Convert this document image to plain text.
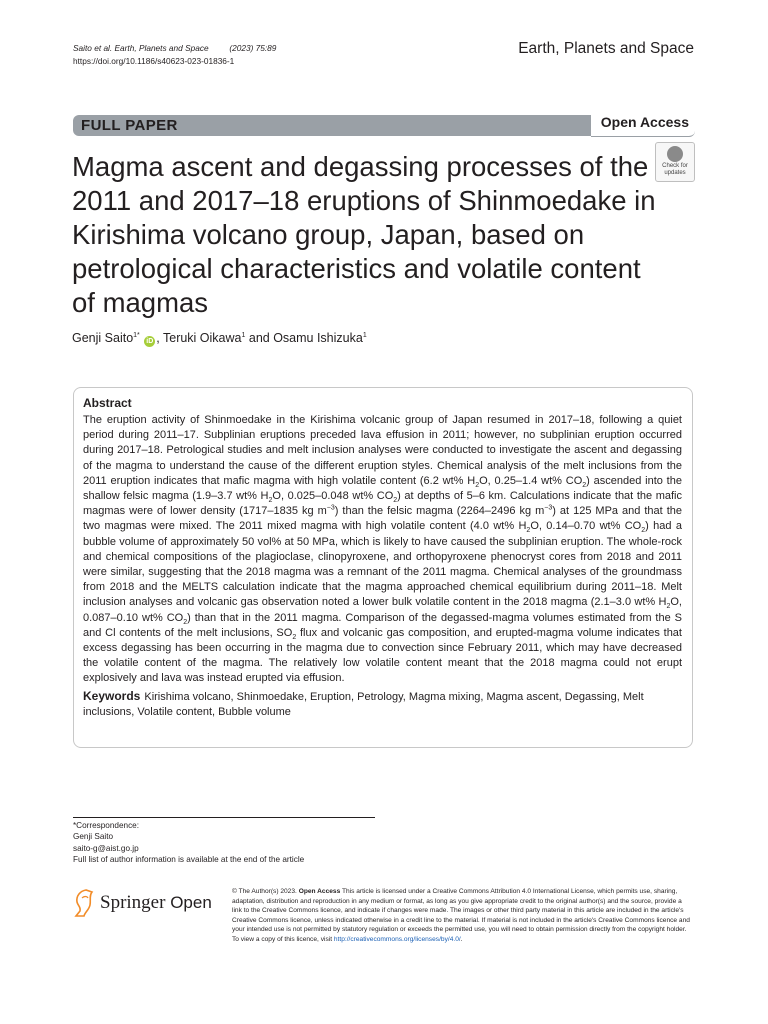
Saito et al. Earth, Planets and Space	(2023) 75:89
https://doi.org/10.1186/s40623-023-01836-1
Earth, Planets and Space
FULL PAPER	Open Access
Magma ascent and degassing processes of the 2011 and 2017–18 eruptions of Shinmoedake in Kirishima volcano group, Japan, based on petrological characteristics and volatile content of magmas
Check for
updates
Genji Saito$^{1*}$ iD , Teruki Oikawa$^1$ and Osamu Ishizuka$^1$
Abstract

The eruption activity of Shinmoedake in the Kirishima volcanic group of Japan resumed in 2017–18, following a quiet period during 2011–17. Subplinian eruptions preceded lava effusion in 2011; however, no subplinian eruption occurred during 2017–18. Petrological studies and melt inclusion analyses were conducted to investigate the ascent and degassing of the magma to understand the cause of the different eruption styles. Chemical analysis of the melt inclusions from the 2011 eruption indicates that mafic magma with high volatile content (6.2 wt% $H_2O$, 0.25–1.4 wt% $CO_2$) ascended into the shallow felsic magma (1.9–3.7 wt% $H_2O$, 0.025–0.048 wt% $CO_2$) at depths of 5–6 km. Calculations indicate that the mafic magmas were of lower density (1717–1835 kg $m^{-3}$) than the felsic magma (2264–2496 kg $m^{-3}$) at 125 MPa and that the two magmas were mixed. The 2011 mixed magma with high volatile content (4.0 wt% $H_2O$, 0.14–0.70 wt% $CO_2$) had a bubble volume of approximately 50 vol% at 50 MPa, which is likely to have caused the subplinian eruption. The whole-rock and chemical compositions of the plagioclase, clinopyroxene, and orthopyroxene phenocryst cores from 2018 and 2011 were similar, suggesting that the 2018 magma was a remnant of the 2011 magma. Chemical analyses of the groundmass from 2018 and the MELTS calculation indicate that the magma approached chemical equilibrium during 2011–18. Melt inclusion analyses and volcanic gas observation noted a lower bulk volatile content in the 2018 magma (2.1–3.0 wt% $H_2O$, 0.087–0.10 wt% $CO_2$) than that in the 2011 magma. Comparison of the degassed-magma volumes estimated from the S and Cl contents of the melt inclusions, $SO_2$ flux and volcanic gas composition, and erupted-magma volume indicates that excess degassing has been occurring in the magma due to convection since February 2011, which may have decreased the volatile content of the magma. The relatively low volatile content meant that the 2018 magma could not erupt explosively and lava was instead erupted via effusion.

Keywords Kirishima volcano, Shinmoedake, Eruption, Petrology, Magma mixing, Magma ascent, Degassing, Melt inclusions, Volatile content, Bubble volume
*Correspondence:
Genji Saito
saito-g@aist.go.jp
Full list of author information is available at the end of the article
Springer Open

© The Author(s) 2023. Open Access This article is licensed under a Creative Commons Attribution 4.0 International License, which permits use, sharing, adaptation, distribution and reproduction in any medium or format, as long as you give appropriate credit to the original author(s) and the source, provide a link to the Creative Commons licence, and indicate if changes were made. The images or other third party material in this article are included in the article's Creative Commons licence, unless indicated otherwise in a credit line to the material. If material is not included in the article's Creative Commons licence and your intended use is not permitted by statutory regulation or exceeds the permitted use, you will need to obtain permission directly from the copyright holder. To view a copy of this licence, visit http://creativecommons.org/licenses/by/4.0/.
